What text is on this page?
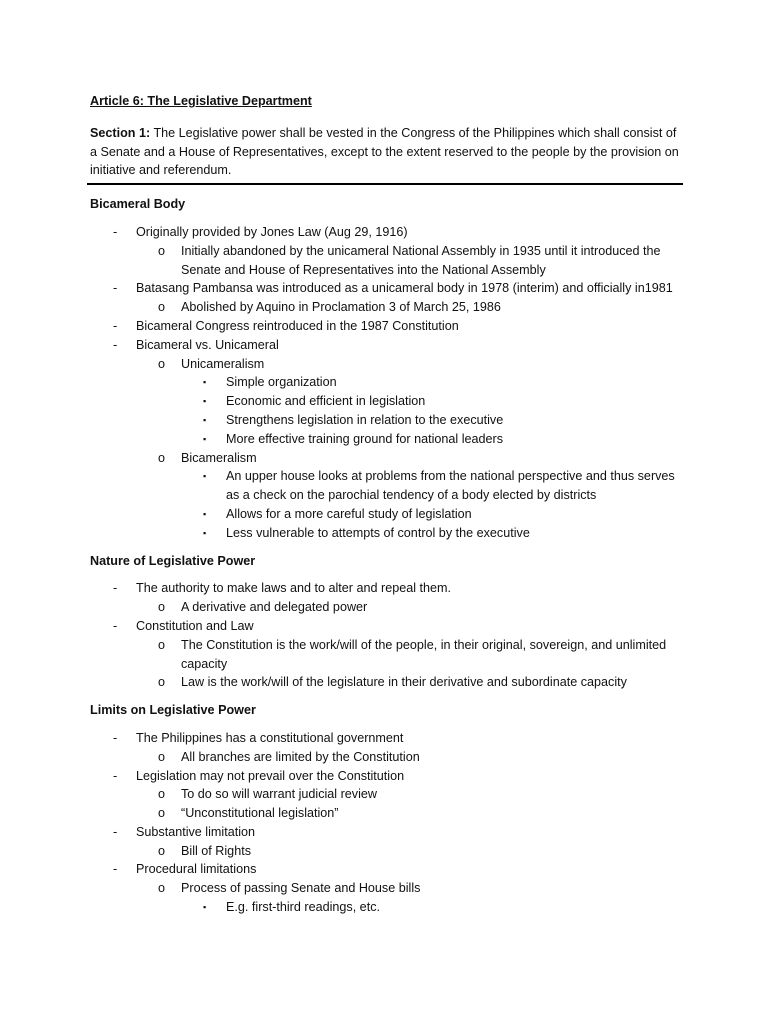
Article 6: The Legislative Department

Section 1: The Legislative power shall be vested in the Congress of the Philippines which shall consist of a Senate and a House of Representatives, except to the extent reserved to the people by the provision on initiative and referendum.

Bicameral Body

- Originally provided by Jones Law (Aug 29, 1916)
o Initially abandoned by the unicameral National Assembly in 1935 until it introduced the Senate and House of Representatives into the National Assembly
- Batasang Pambansa was introduced as a unicameral body in 1978 (interim) and officially in1981
o Abolished by Aquino in Proclamation 3 of March 25, 1986
- Bicameral Congress reintroduced in the 1987 Constitution
- Bicameral vs. Unicameral
o Unicameralism
▪ Simple organization
▪ Economic and efficient in legislation
▪ Strengthens legislation in relation to the executive
▪ More effective training ground for national leaders
o Bicameralism
▪ An upper house looks at problems from the national perspective and thus serves as a check on the parochial tendency of a body elected by districts
▪ Allows for a more careful study of legislation
▪ Less vulnerable to attempts of control by the executive

Nature of Legislative Power

- The authority to make laws and to alter and repeal them.
o A derivative and delegated power
- Constitution and Law
o The Constitution is the work/will of the people, in their original, sovereign, and unlimited capacity
o Law is the work/will of the legislature in their derivative and subordinate capacity

Limits on Legislative Power

- The Philippines has a constitutional government
o All branches are limited by the Constitution
- Legislation may not prevail over the Constitution
o To do so will warrant judicial review
o “Unconstitutional legislation”
- Substantive limitation
o Bill of Rights
- Procedural limitations
o Process of passing Senate and House bills
▪ E.g. first-third readings, etc.
